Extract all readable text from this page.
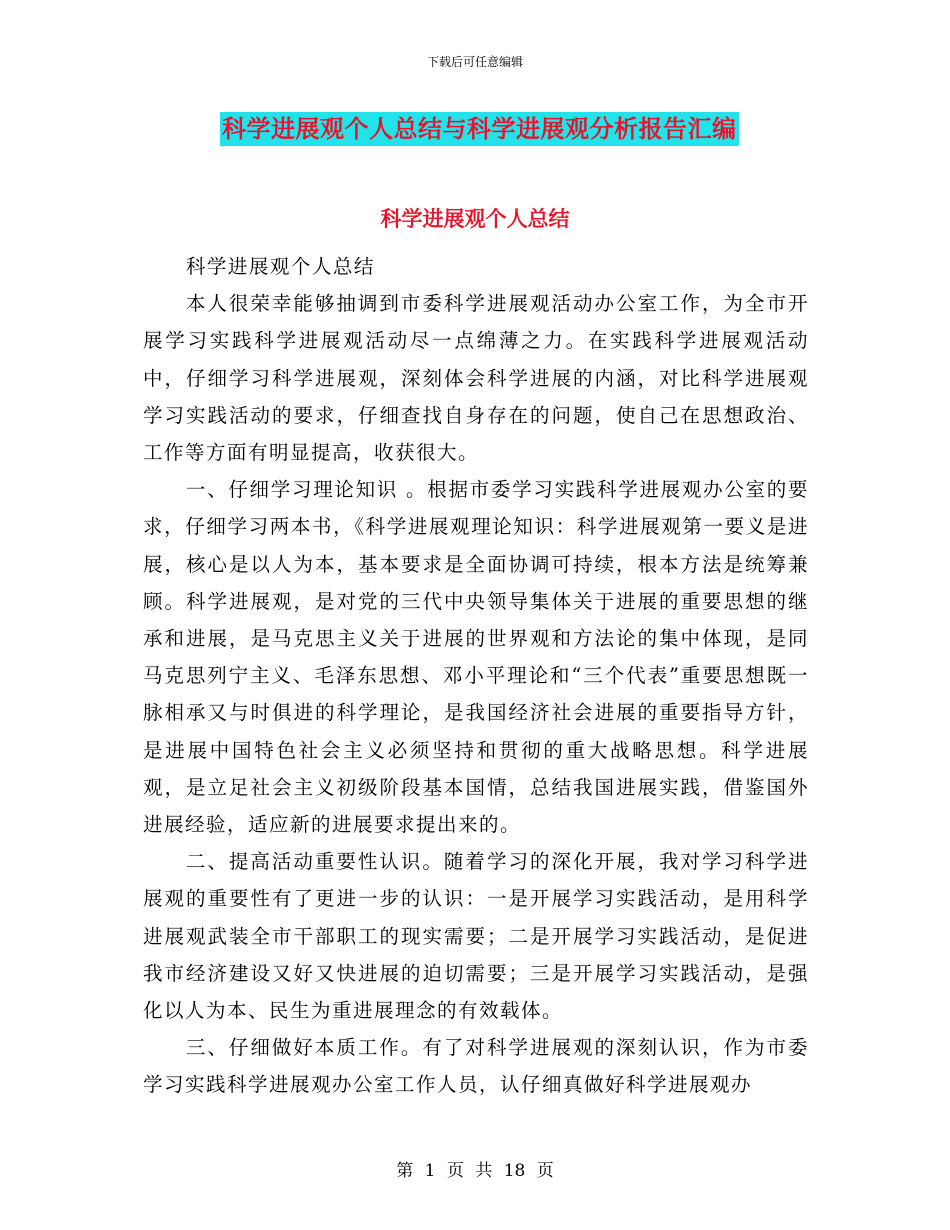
下载后可任意编辑
科学进展观个人总结与科学进展观分析报告汇编
科学进展观个人总结

科学进展观个人总结

本人很荣幸能够抽调到市委科学进展观活动办公室工作，为全市开展学习实践科学进展观活动尽一点绵薄之力。在实践科学进展观活动中，仔细学习科学进展观，深刻体会科学进展的内涵，对比科学进展观学习实践活动的要求，仔细查找自身存在的问题，使自己在思想政治、工作等方面有明显提高，收获很大。

一、仔细学习理论知识 。根据市委学习实践科学进展观办公室的要求，仔细学习两本书，《科学进展观理论知识：科学进展观第一要义是进展，核心是以人为本，基本要求是全面协调可持续，根本方法是统筹兼顾。科学进展观，是对党的三代中央领导集体关于进展的重要思想的继承和进展，是马克思主义关于进展的世界观和方法论的集中体现，是同马克思列宁主义、毛泽东思想、邓小平理论和“三个代表”重要思想既一脉相承又与时俱进的科学理论，是我国经济社会进展的重要指导方针，是进展中国特色社会主义必须坚持和贯彻的重大战略思想。科学进展观，是立足社会主义初级阶段基本国情，总结我国进展实践，借鉴国外进展经验，适应新的进展要求提出来的。

二、提高活动重要性认识。随着学习的深化开展，我对学习科学进展观的重要性有了更进一步的认识：一是开展学习实践活动，是用科学进展观武装全市干部职工的现实需要；二是开展学习实践活动，是促进我市经济建设又好又快进展的迫切需要；三是开展学习实践活动，是强化以人为本、民生为重进展理念的有效载体。

三、仔细做好本质工作。有了对科学进展观的深刻认识，作为市委学习实践科学进展观办公室工作人员，认仔细真做好科学进展观办

第 1 页 共 18 页
